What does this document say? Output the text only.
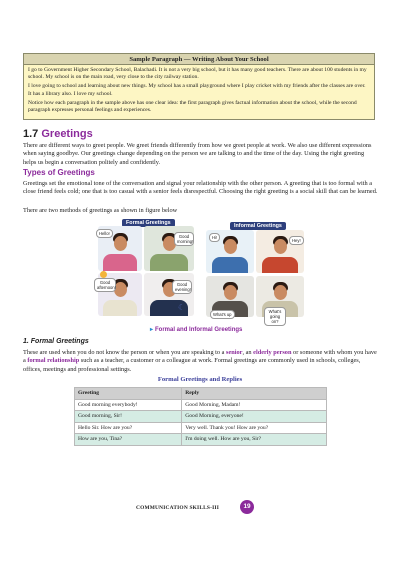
Sample Paragraph — Writing About Your School

I go to Government Higher Secondary School, Balachadi. It is not a very big school, but it has many good teachers. There are about 100 students in my school. My school is on the main road, very close to the city railway station.

I love going to school and learning about new things. My school has a small playground where I play cricket with my friends after the classes are over. It has a library also. I love my school.

Notice how each paragraph in the sample above has one clear idea: the first paragraph gives factual information about the school, while the second paragraph expresses personal feelings and experiences.

1.7 Greetings

There are different ways to greet people. We greet friends differently from how we greet people at work. We also use different expressions when saying goodbye. Our greetings change depending on the person we are talking to and the time of the day. Using the right greeting helps us begin a conversation politely and confidently.

Types of Greetings

Greetings set the emotional tone of the conversation and signal your relationship with the other person. A greeting that is too formal with a close friend feels cold; one that is too casual with a senior feels disrespectful. Choosing the right greeting is a social skill that can be learned.

There are two methods of greetings as shown in figure below

Formal Greetings	Informal Greetings
Hello!
Good morning!
Good afternoon!
Good evening!
☾
Hi!
Hey!
What's up
What's going on?
▸ Formal and Informal Greetings
1. Formal Greetings

These are used when you do not know the person or when you are speaking to a senior, an elderly person or someone with whom you have a formal relationship such as a teacher, a customer or a colleague at work. Formal greetings are commonly used in schools, colleges, offices, meetings and professional settings.

Formal Greetings and Replies
Greeting	Reply
Good morning everybody!	Good Morning, Madam!
Good morning, Sir!	Good Morning, everyone!
Hello Sir. How are you?	Very well. Thank you! How are you?
How are you, Tina?	I'm doing well. How are you, Sir?
COMMUNICATION SKILLS-III	19
